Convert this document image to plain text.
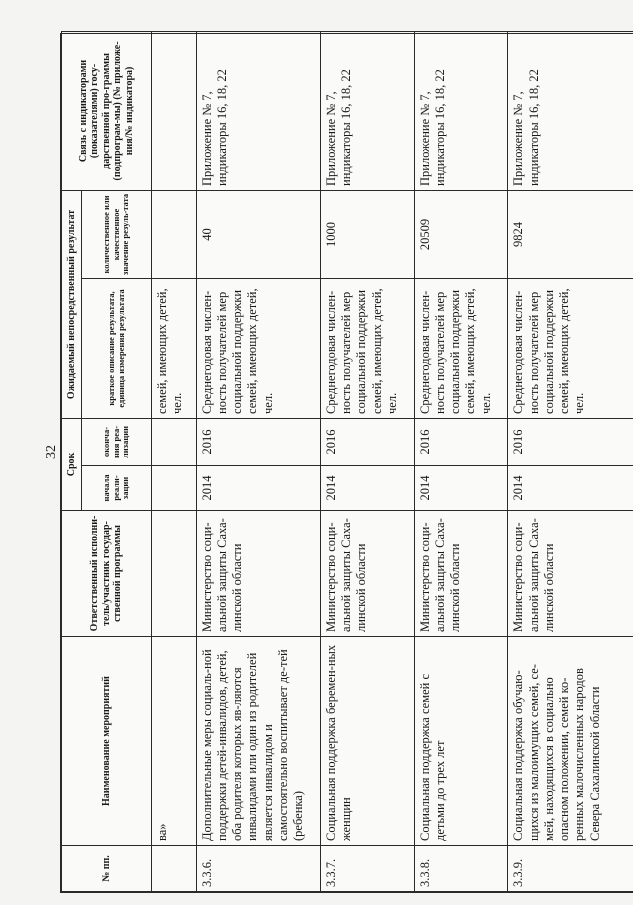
32
№ пп.	Наименование мероприятий	Ответственный исполни-тель/участник государ-ственной программы	Срок		Ожидаемый непосредственный результат		Связь с индикаторами (показателями) госу-дарственной про-граммы (подпрограм-мы) (№ приложе-ния/№ индикатора)
			начала реали-зации	оконча-ния реа-лизации	краткое описание результата, единица измерения результата	количественное или качественное значение резуль-тата	
	ва»				семей, имеющих детей, чел.		
3.3.6.	Дополнительные меры социаль-ной поддержки детей-инвалидов, детей, оба родителя которых яв-ляются инвалидами или один из родителей является инвалидом и самостоятельно воспитывает де-тей (ребенка)	Министерство соци-альной защиты Саха-линской области	2014	2016	Среднегодовая числен-ность получателей мер социальной поддержки семей, имеющих детей, чел.	40	Приложение № 7, индикаторы 16, 18, 22
3.3.7.	Социальная поддержка беремен-ных женщин	Министерство соци-альной защиты Саха-линской области	2014	2016	Среднегодовая числен-ность получателей мер социальной поддержки семей, имеющих детей, чел.	1000	Приложение № 7, индикаторы 16, 18, 22
3.3.8.	Социальная поддержка семей с детьми до трех лет	Министерство соци-альной защиты Саха-линской области	2014	2016	Среднегодовая числен-ность получателей мер социальной поддержки семей, имеющих детей, чел.	20509	Приложение № 7, индикаторы 16, 18, 22
3.3.9.	Социальная поддержка обучаю-щихся из малоимущих семей, се-мей, находящихся в социально опасном положении, семей ко-ренных малочисленных народов Севера Сахалинской области	Министерство соци-альной защиты Саха-линской области	2014	2016	Среднегодовая числен-ность получателей мер социальной поддержки семей, имеющих детей, чел.	9824	Приложение № 7, индикаторы 16, 18, 22
